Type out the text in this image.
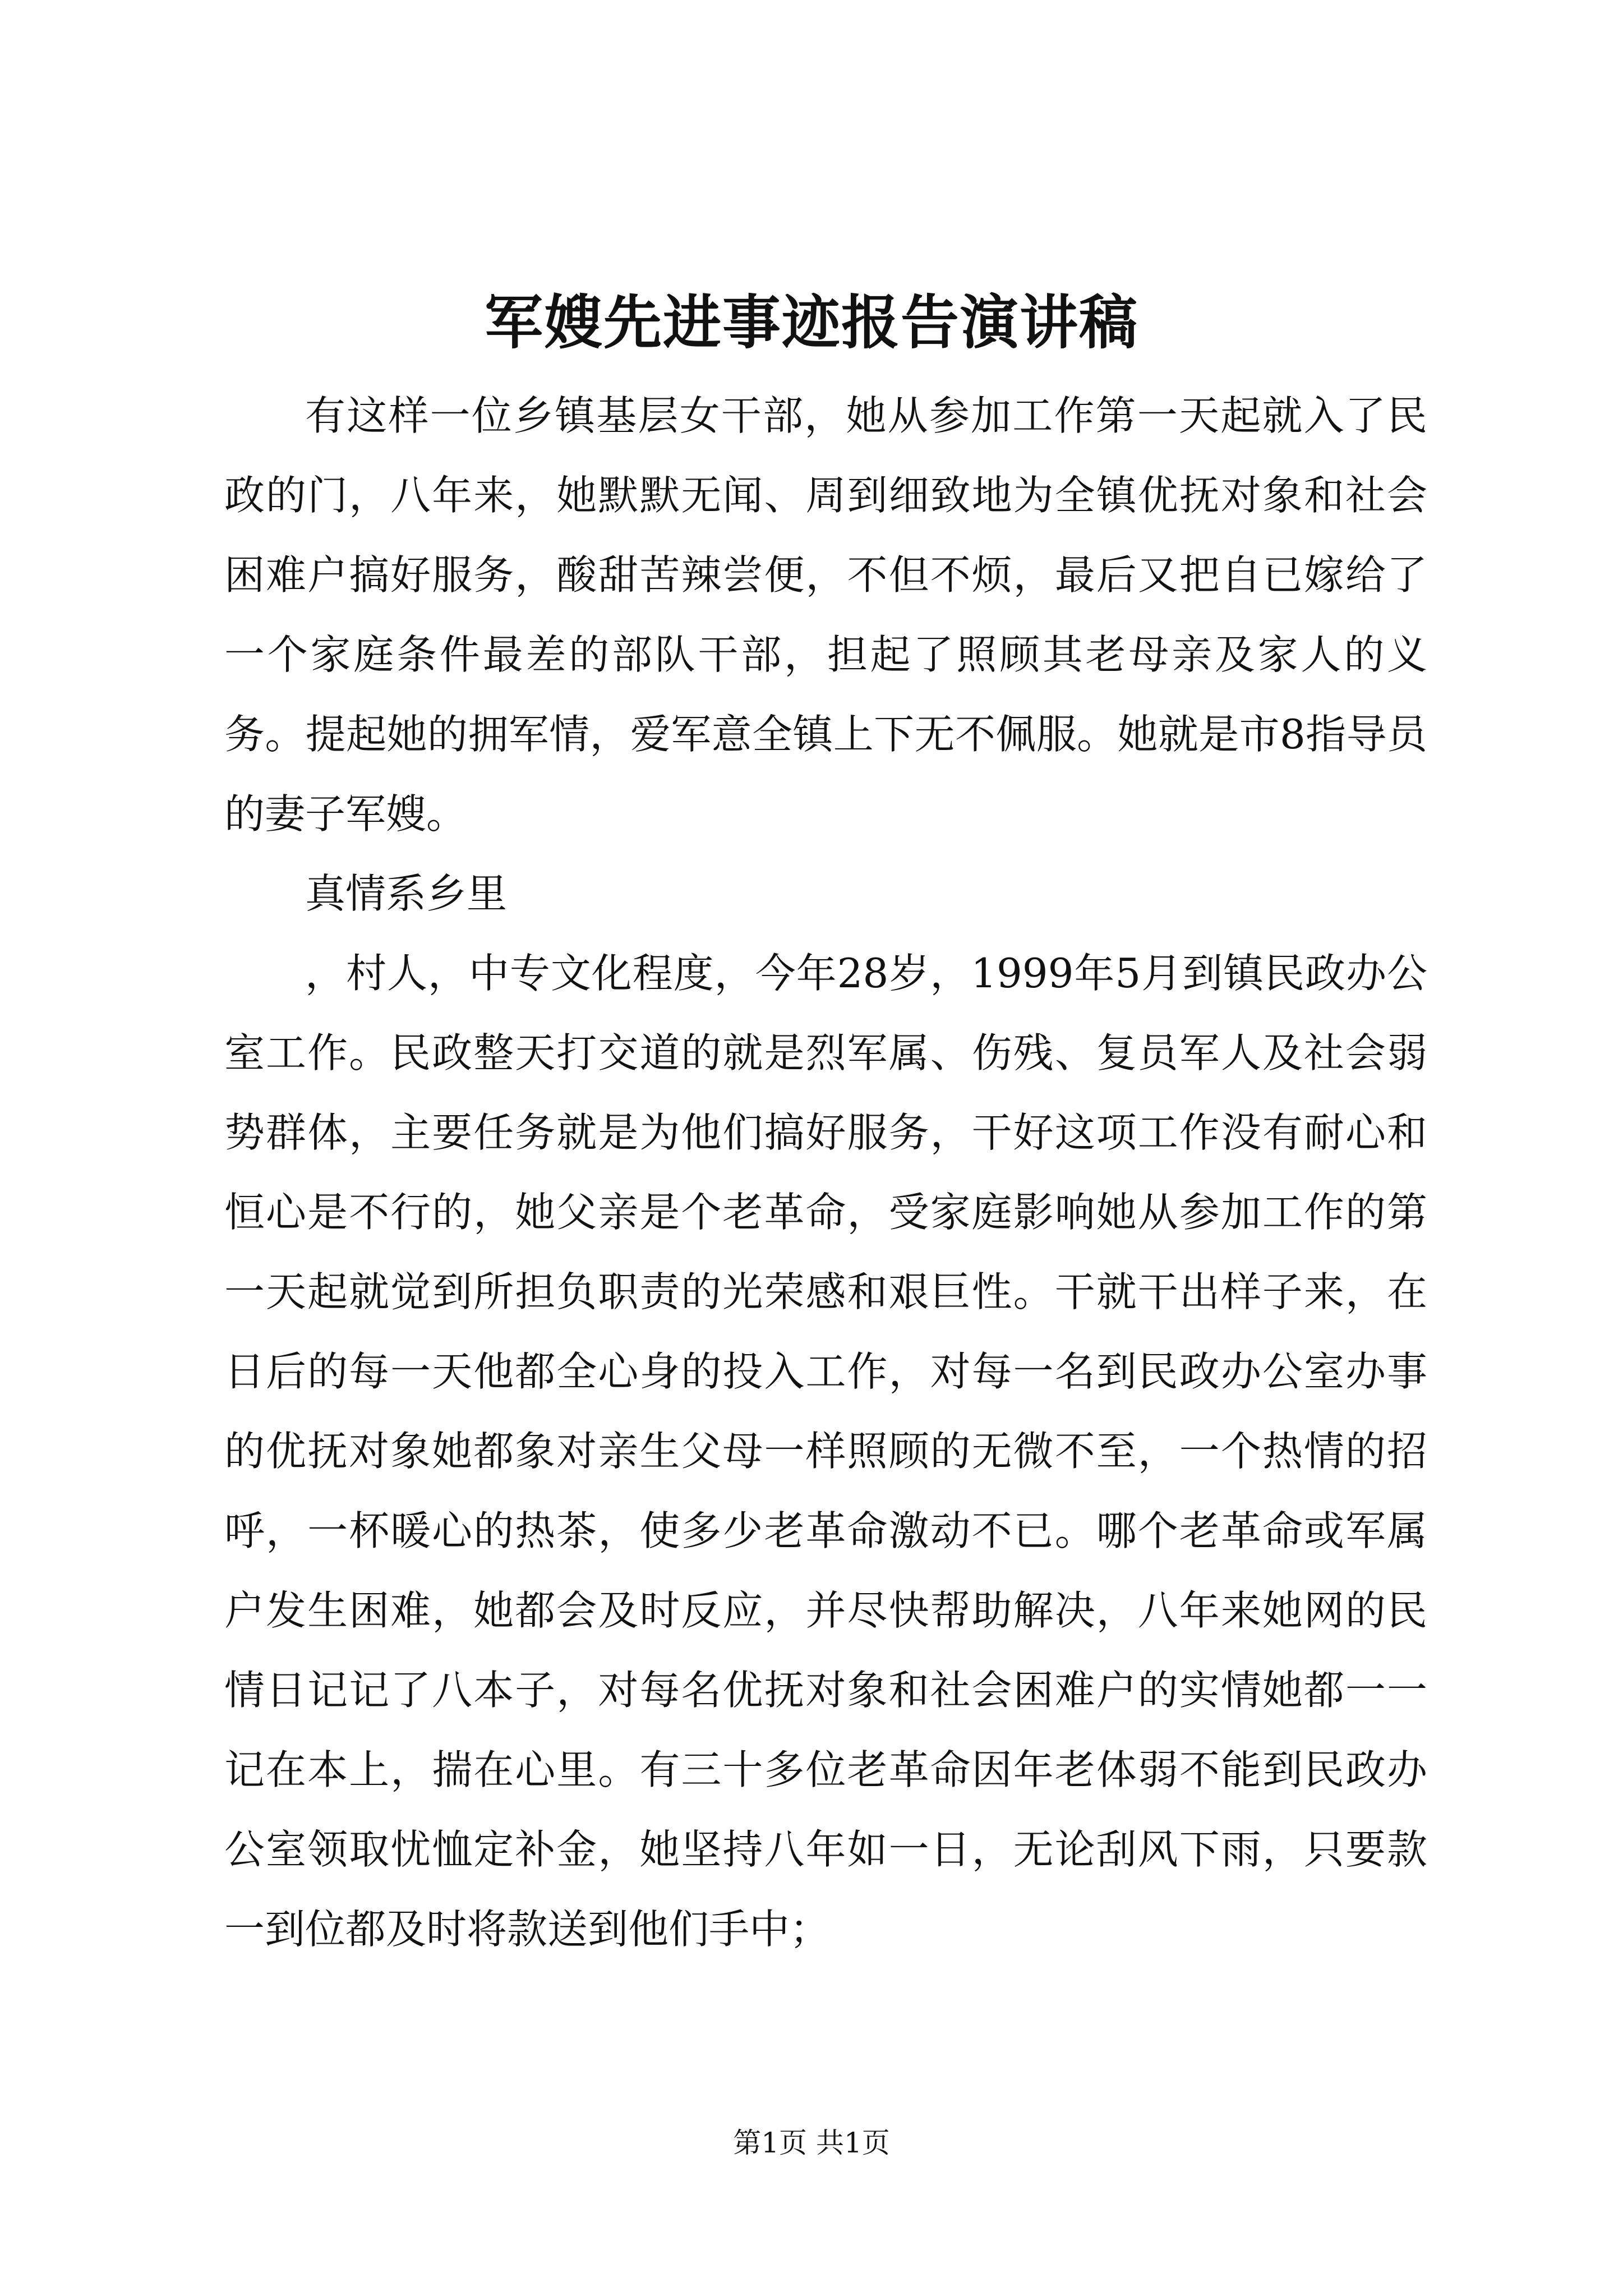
军嫂先进事迹报告演讲稿

有这样一位乡镇基层女干部，她从参加工作第一天起就入了民政的门，八年来，她默默无闻、周到细致地为全镇优抚对象和社会困难户搞好服务，酸甜苦辣尝便，不但不烦，最后又把自已嫁给了一个家庭条件最差的部队干部，担起了照顾其老母亲及家人的义务。提起她的拥军情，爱军意全镇上下无不佩服。她就是市8指导员的妻子军嫂。

真情系乡里

，村人，中专文化程度，今年28岁，1999年5月到镇民政办公室工作。民政整天打交道的就是烈军属、伤残、复员军人及社会弱势群体，主要任务就是为他们搞好服务，干好这项工作没有耐心和恒心是不行的，她父亲是个老革命，受家庭影响她从参加工作的第一天起就觉到所担负职责的光荣感和艰巨性。干就干出样子来，在日后的每一天他都全心身的投入工作，对每一名到民政办公室办事的优抚对象她都象对亲生父母一样照顾的无微不至，一个热情的招呼，一杯暖心的热茶，使多少老革命激动不已。哪个老革命或军属户发生困难，她都会及时反应，并尽快帮助解决，八年来她网的民情日记记了八本子，对每名优抚对象和社会困难户的实情她都一一记在本上，揣在心里。有三十多位老革命因年老体弱不能到民政办公室领取忧恤定补金，她坚持八年如一日，无论刮风下雨，只要款一到位都及时将款送到他们手中；

第1页 共1页
